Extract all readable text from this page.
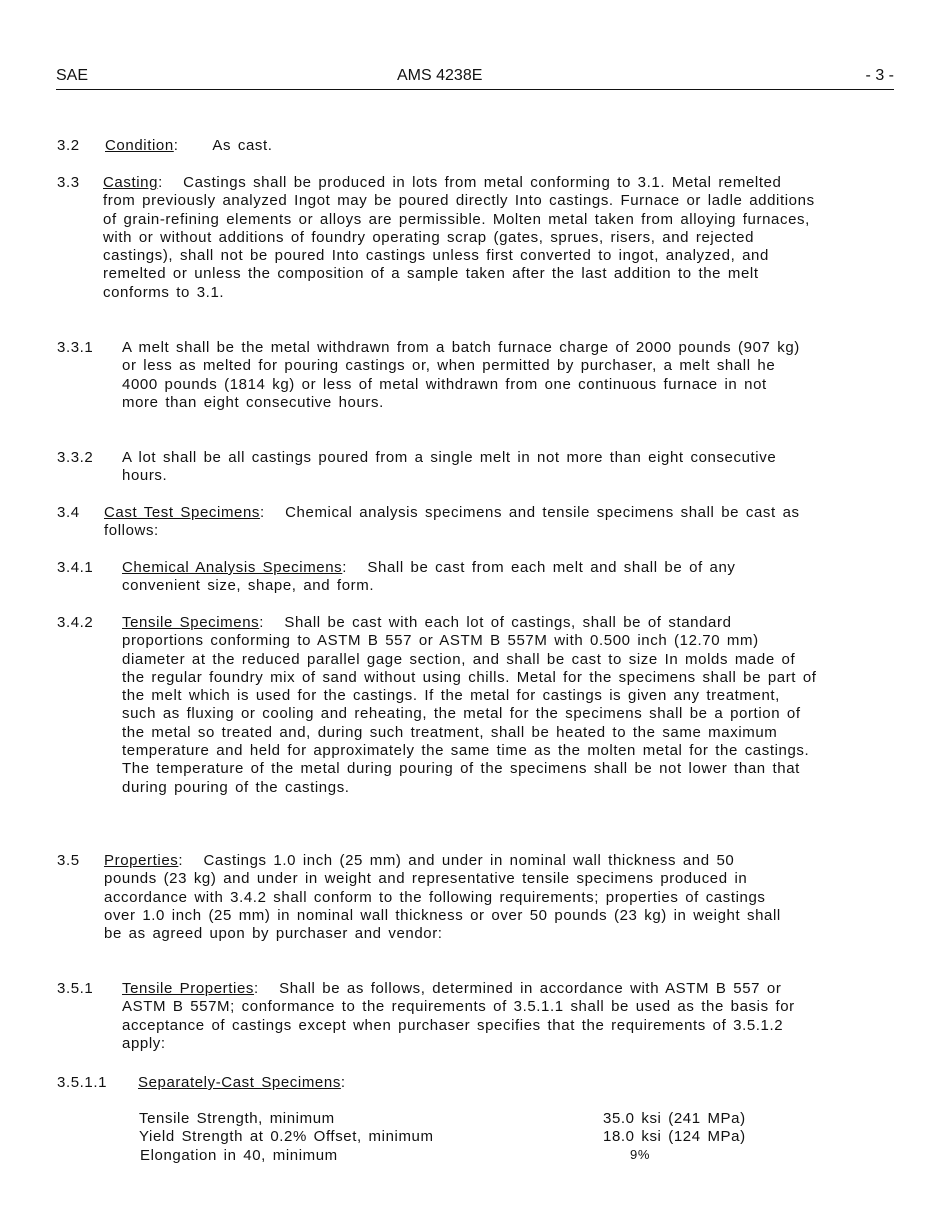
SAE	AMS 4238E	- 3 -
3.2	Condition: As cast.

3.3	Casting: Castings shall be produced in lots from metal conforming to 3.1. Metal remelted from previously analyzed Ingot may be poured directly Into castings. Furnace or ladle additions of grain-refining elements or alloys are permissible. Molten metal taken from alloying furnaces, with or without additions of foundry operating scrap (gates, sprues, risers, and rejected castings), shall not be poured Into castings unless first converted to ingot, analyzed, and remelted or unless the composition of a sample taken after the last addition to the melt conforms to 3.1.

3.3.1	A melt shall be the metal withdrawn from a batch furnace charge of 2000 pounds (907 kg) or less as melted for pouring castings or, when permitted by purchaser, a melt shall he 4000 pounds (1814 kg) or less of metal withdrawn from one continuous furnace in not more than eight consecutive hours.

3.3.2	A lot shall be all castings poured from a single melt in not more than eight consecutive hours.

3.4	Cast Test Specimens: Chemical analysis specimens and tensile specimens shall be cast as follows:

3.4.1	Chemical Analysis Specimens: Shall be cast from each melt and shall be of any convenient size, shape, and form.

3.4.2	Tensile Specimens: Shall be cast with each lot of castings, shall be of standard proportions conforming to ASTM B 557 or ASTM B 557M with 0.500 inch (12.70 mm) diameter at the reduced parallel gage section, and shall be cast to size In molds made of the regular foundry mix of sand without using chills. Metal for the specimens shall be part of the melt which is used for the castings. If the metal for castings is given any treatment, such as fluxing or cooling and reheating, the metal for the specimens shall be a portion of the metal so treated and, during such treatment, shall be heated to the same maximum temperature and held for approximately the same time as the molten metal for the castings. The temperature of the metal during pouring of the specimens shall be not lower than that during pouring of the castings.

3.5	Properties: Castings 1.0 inch (25 mm) and under in nominal wall thickness and 50 pounds (23 kg) and under in weight and representative tensile specimens produced in accordance with 3.4.2 shall conform to the following requirements; properties of castings over 1.0 inch (25 mm) in nominal wall thickness or over 50 pounds (23 kg) in weight shall be as agreed upon by purchaser and vendor:

3.5.1	Tensile Properties: Shall be as follows, determined in accordance with ASTM B 557 or ASTM B 557M; conformance to the requirements of 3.5.1.1 shall be used as the basis for acceptance of castings except when purchaser specifies that the requirements of 3.5.1.2 apply:

3.5.1.1	Separately-Cast Specimens:

Tensile Strength, minimum	35.0 ksi (241 MPa)
Yield Strength at 0.2% Offset, minimum	18.0 ksi (124 MPa)
Elongation in 40, minimum	9%
